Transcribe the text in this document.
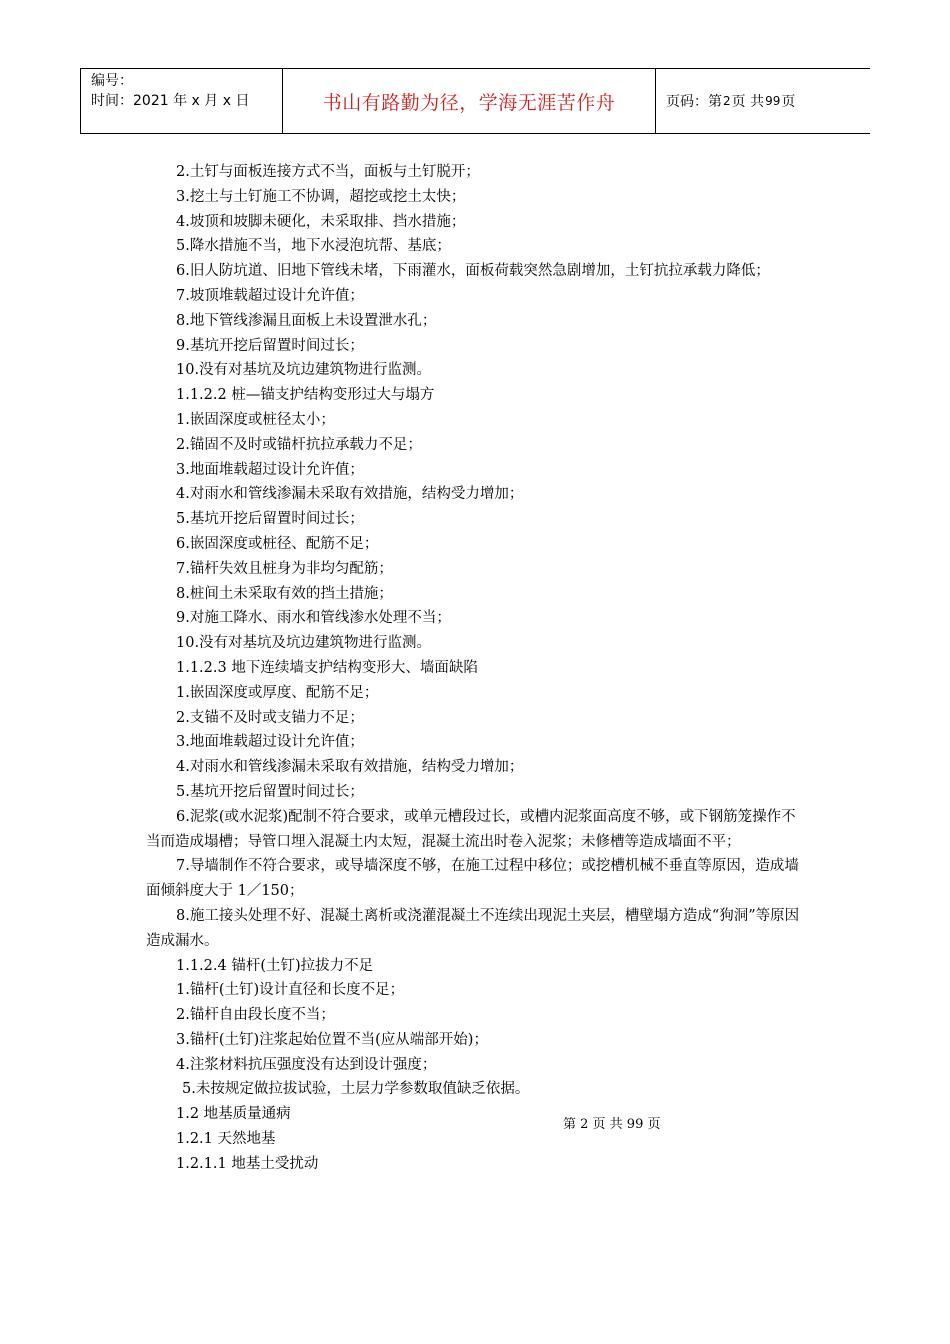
编号：
时间：2021 年 x 月 x 日	书山有路勤为径，学海无涯苦作舟	页码：第 2 页 共 99 页
2.土钉与面板连接方式不当，面板与土钉脱开；
3.挖土与土钉施工不协调，超挖或挖土太快；
4.坡顶和坡脚未硬化，未采取排、挡水措施；
5.降水措施不当，地下水浸泡坑帮、基底；
6.旧人防坑道、旧地下管线未堵，下雨灌水，面板荷载突然急剧增加，土钉抗拉承载力降低；
7.坡顶堆载超过设计允许值；
8.地下管线渗漏且面板上未设置泄水孔；
9.基坑开挖后留置时间过长；
10.没有对基坑及坑边建筑物进行监测。
1.1.2.2 桩—锚支护结构变形过大与塌方
1.嵌固深度或桩径太小；
2.锚固不及时或锚杆抗拉承载力不足；
3.地面堆载超过设计允许值；
4.对雨水和管线渗漏未采取有效措施，结构受力增加；
5.基坑开挖后留置时间过长；
6.嵌固深度或桩径、配筋不足；
7.锚杆失效且桩身为非均匀配筋；
8.桩间土未采取有效的挡土措施；
9.对施工降水、雨水和管线渗水处理不当；
10.没有对基坑及坑边建筑物进行监测。
1.1.2.3 地下连续墙支护结构变形大、墙面缺陷
1.嵌固深度或厚度、配筋不足；
2.支锚不及时或支锚力不足；
3.地面堆载超过设计允许值；
4.对雨水和管线渗漏未采取有效措施，结构受力增加；
5.基坑开挖后留置时间过长；
6.泥浆(或水泥浆)配制不符合要求，或单元槽段过长，或槽内泥浆面高度不够，或下钢筋笼操作不当而造成塌槽；导管口埋入混凝土内太短，混凝土流出时卷入泥浆；未修槽等造成墙面不平；
7.导墙制作不符合要求，或导墙深度不够，在施工过程中移位；或挖槽机械不垂直等原因，造成墙面倾斜度大于 1／150；
8.施工接头处理不好、混凝土离析或浇灌混凝土不连续出现泥土夹层，槽壁塌方造成“狗洞”等原因造成漏水。
1.1.2.4 锚杆(土钉)拉拔力不足
1.锚杆(土钉)设计直径和长度不足；
2.锚杆自由段长度不当；
3.锚杆(土钉)注浆起始位置不当(应从端部开始)；
4.注浆材料抗压强度没有达到设计强度；
5.未按规定做拉拔试验，土层力学参数取值缺乏依据。
1.2 地基质量通病
1.2.1 天然地基
1.2.1.1 地基土受扰动
第 2 页 共 99 页
